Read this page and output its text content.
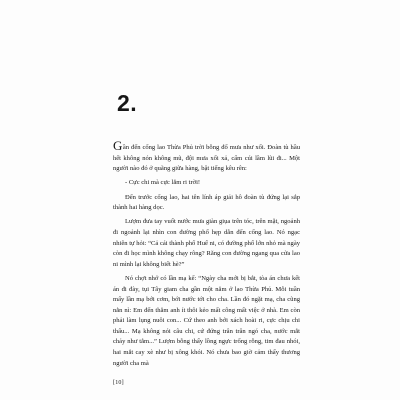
2.

Gần đến cổng lao Thừa Phủ trời bỗng đổ mưa như xối. Đoàn tù hầu hết không nón không mũ, đội mưa xối xả, cẩm cúi lầm lũi đi... Một người nào đó ở quãng giữa hàng, bật tiếng kêu rên:

- Cực chi mà cực lắm ri trời!

Đến trước cổng lao, hai tên lính áp giải hô đoàn tù đứng lại sắp thành hai hàng dọc.

Lượm đưa tay vuốt nước mưa giàn giụa trên tóc, trên mặt, ngoảnh đi ngoảnh lại nhìn con đường phố hẹp dẫn đến cổng lao. Nó ngạc nhiên tự hỏi: “Cả cái thành phố Huế ni, có đường phố lớn nhỏ mà ngày còn đi học mình không chạy rông? Răng con đường ngang qua cửa lao ni mình lại không biết hè?”

Nó chợt nhớ có lần mạ kể: “Ngày cha mới bị bắt, tòa án chưa kết án đi đày, tụi Tây giam cha gần một năm ở lao Thừa Phủ. Mỗi tuần mấy lần mạ bới cơm, bới nước tới cho cha. Lần đó ngặt mạ, cha cũng nằn nì: Em đến thăm anh ít thôi kẻo mất công mất việc ở nhà. Em còn phải làm lụng nuôi con... Cứ theo anh bới xách hoài ri, cực chịu chi thấu... Mạ không nói câu chi, cứ đứng trân trân ngó cha, nước mắt chảy như tắm...” Lượm bỗng thấy lồng ngực trống rỗng, tim đau nhói, hai mắt cay xè như bị xông khói. Nó chưa bao giờ cảm thấy thương người cha mà

[10]
